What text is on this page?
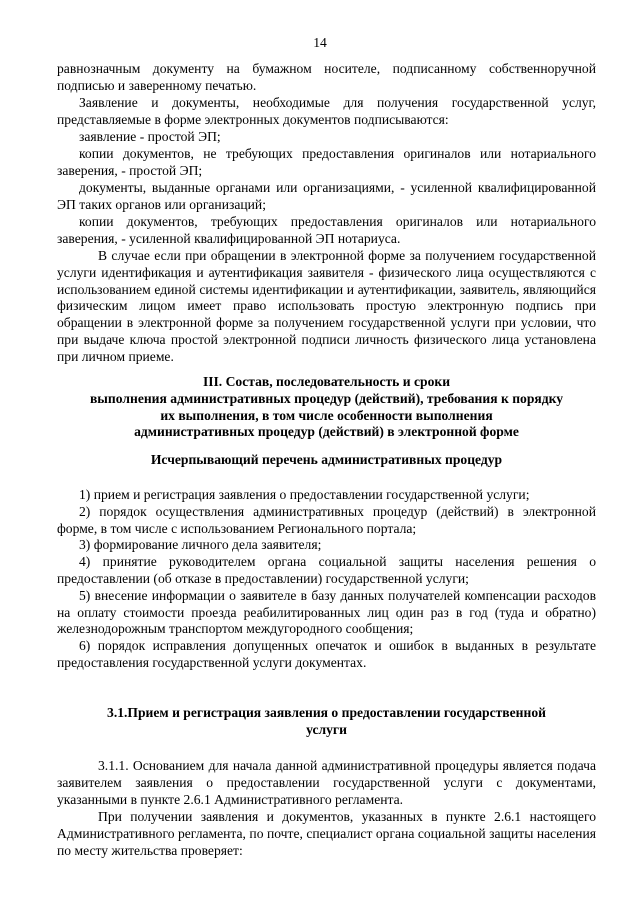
14

равнозначным документу на бумажном носителе, подписанному собственноручной подписью и заверенному печатью.

Заявление и документы, необходимые для получения государственной услуг, представляемые в форме электронных документов подписываются:

заявление - простой ЭП;

копии документов, не требующих предоставления оригиналов или нотариального заверения, - простой ЭП;

документы, выданные органами или организациями, - усиленной квалифицированной ЭП таких органов или организаций;

копии документов, требующих предоставления оригиналов или нотариального заверения, - усиленной квалифицированной ЭП нотариуса.

В случае если при обращении в электронной форме за получением государственной услуги идентификация и аутентификация заявителя - физического лица осуществляются с использованием единой системы идентификации и аутентификации, заявитель, являющийся физическим лицом имеет право использовать простую электронную подпись при обращении в электронной форме за получением государственной услуги при условии, что при выдаче ключа простой электронной подписи личность физического лица установлена при личном приеме.

III. Состав, последовательность и сроки

выполнения административных процедур (действий), требования к порядку

их выполнения, в том числе особенности выполнения

административных процедур (действий) в электронной форме

Исчерпывающий перечень административных процедур
1) прием и регистрация заявления о предоставлении государственной услуги;
2) порядок осуществления административных процедур (действий) в электронной форме, в том числе с использованием Регионального портала;
3) формирование личного дела заявителя;
4) принятие руководителем органа социальной защиты населения решения о предоставлении (об отказе в предоставлении) государственной услуги;
5) внесение информации о заявителе в базу данных получателей компенсации расходов на оплату стоимости проезда реабилитированных лиц один раз в год (туда и обратно) железнодорожным транспортом междугородного сообщения;
6) порядок исправления допущенных опечаток и ошибок в выданных в результате предоставления государственной услуги документах.

3.1.Прием и регистрация заявления о предоставлении государственной

услуги

3.1.1. Основанием для начала данной административной процедуры является подача заявителем заявления о предоставлении государственной услуги с документами, указанными в пункте 2.6.1 Административного регламента.

При получении заявления и документов, указанных в пункте 2.6.1 настоящего Административного регламента, по почте, специалист органа социальной защиты населения по месту жительства проверяет:
